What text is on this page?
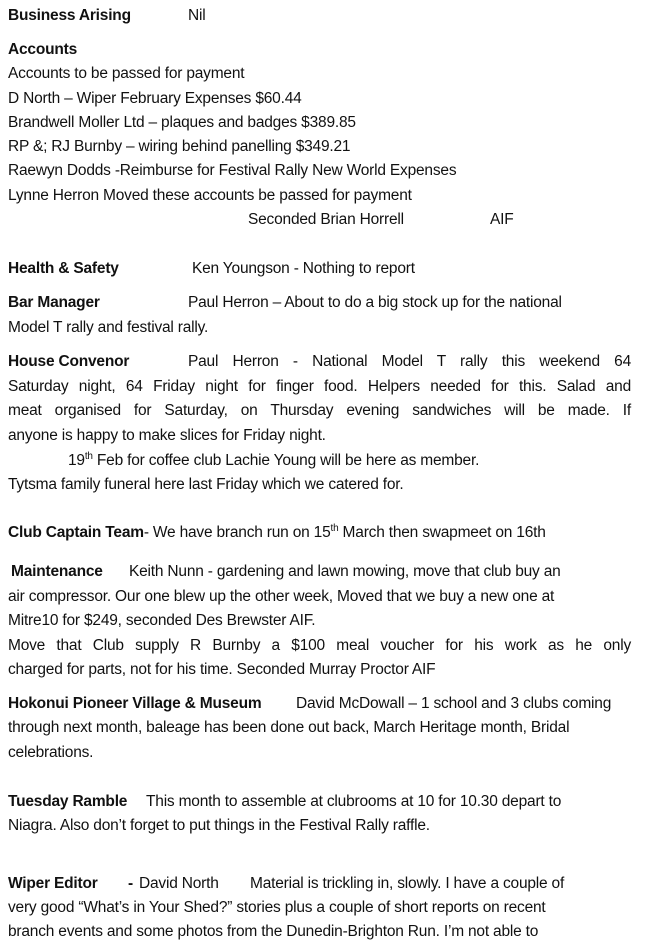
Business Arising	Nil
Accounts
Accounts to be passed for payment
D North – Wiper February Expenses $60.44
Brandwell Moller Ltd – plaques and badges $389.85
RP &; RJ Burnby – wiring behind panelling $349.21
Raewyn Dodds -Reimburse for Festival Rally New World Expenses
Lynne Herron Moved these accounts be passed for payment
Seconded Brian Horrell	AIF
Health & Safety	Ken Youngson - Nothing to report
Bar Manager	Paul Herron – About to do a big stock up for the national
Model T rally and festival rally.
House Convenor	Paul Herron - National Model T rally this weekend 64
Saturday night, 64 Friday night for finger food. Helpers needed for this. Salad and
meat organised for Saturday, on Thursday evening sandwiches will be made. If
anyone is happy to make slices for Friday night.
19th Feb for coffee club Lachie Young will be here as member.
Tytsma family funeral here last Friday which we catered for.
Club Captain Team- We have branch run on 15th March then swapmeet on 16th
Maintenance Keith Nunn - gardening and lawn mowing, move that club buy an
air compressor. Our one blew up the other week, Moved that we buy a new one at
Mitre10 for $249, seconded Des Brewster AIF.
Move that Club supply R Burnby a $100 meal voucher for his work as he only
charged for parts, not for his time. Seconded Murray Proctor AIF
Hokonui Pioneer Village & Museum David McDowall – 1 school and 3 clubs coming
through next month, baleage has been done out back, March Heritage month, Bridal
celebrations.
Tuesday Ramble This month to assemble at clubrooms at 10 for 10.30 depart to
Niagra. Also don’t forget to put things in the Festival Rally raffle.
Wiper Editor - David North Material is trickling in, slowly. I have a couple of
very good “What’s in Your Shed?” stories plus a couple of short reports on recent
branch events and some photos from the Dunedin-Brighton Run. I’m not able to
